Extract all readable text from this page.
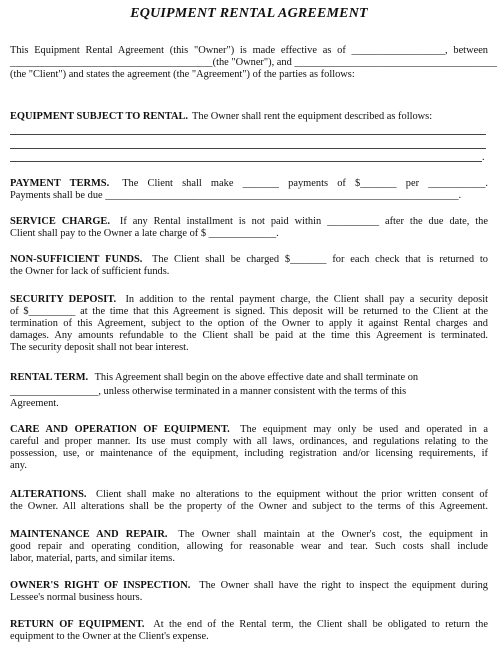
EQUIPMENT RENTAL AGREEMENT
This Equipment Rental Agreement (this "Owner") is made effective as of __________________, between
_______________________________________(the "Owner"), and _______________________________________
(the "Client") and states the agreement (the "Agreement") of the parties as follows:
EQUIPMENT SUBJECT TO RENTAL. The Owner shall rent the equipment described as follows:
.
PAYMENT TERMS. The Client shall make _______ payments of $_______ per ___________.
Payments shall be due ____________________________________________________________________.
SERVICE CHARGE. If any Rental installment is not paid within __________ after the due date, the
Client shall pay to the Owner a late charge of $ _____________.
NON-SUFFICIENT FUNDS. The Client shall be charged $_______ for each check that is returned to
the Owner for lack of sufficient funds.
SECURITY DEPOSIT. In addition to the rental payment charge, the Client shall pay a security deposit
of $_________ at the time that this Agreement is signed. This deposit will be returned to the Client at the
termination of this Agreement, subject to the option of the Owner to apply it against Rental charges and
damages. Any amounts refundable to the Client shall be paid at the time this Agreement is terminated.
The security deposit shall not bear interest.
RENTAL TERM. This Agreement shall begin on the above effective date and shall terminate on
_________________, unless otherwise terminated in a manner consistent with the terms of this
Agreement.
CARE AND OPERATION OF EQUIPMENT. The equipment may only be used and operated in a
careful and proper manner. Its use must comply with all laws, ordinances, and regulations relating to the
possession, use, or maintenance of the equipment, including registration and/or licensing requirements, if
any.
ALTERATIONS. Client shall make no alterations to the equipment without the prior written consent of
the Owner. All alterations shall be the property of the Owner and subject to the terms of this Agreement.
MAINTENANCE AND REPAIR. The Owner shall maintain at the Owner's cost, the equipment in
good repair and operating condition, allowing for reasonable wear and tear. Such costs shall include
labor, material, parts, and similar items.
OWNER'S RIGHT OF INSPECTION. The Owner shall have the right to inspect the equipment during
Lessee's normal business hours.
RETURN OF EQUIPMENT. At the end of the Rental term, the Client shall be obligated to return the
equipment to the Owner at the Client's expense.
